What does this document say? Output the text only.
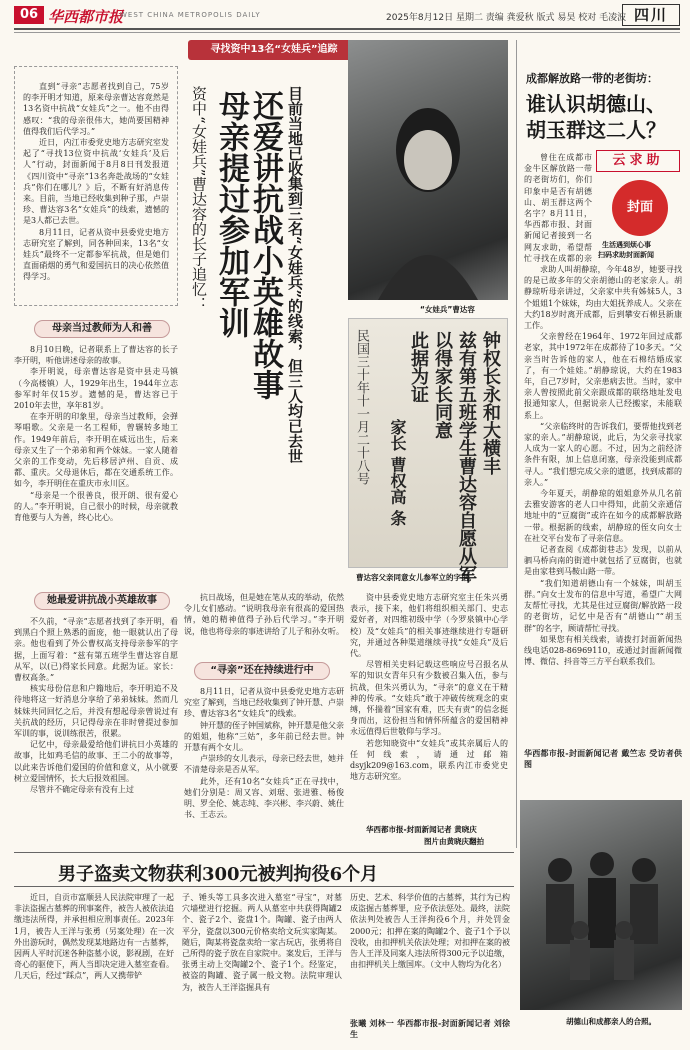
06 华西都市报
WEST CHINA METROPOLIS DAILY	2025年8月12日 星期二 责编 龚爱秋 版式 易昊 校对 毛凌波 四川
寻找资中13名“女娃兵”追踪

直到“寻亲”志愿者找到自己，75岁的李开明才知道，原来母亲曹达容竟然是13名资中抗战“女娃兵”之一。他不由得感叹：“我的母亲很伟大，她尚要国精神值得我们后代学习。”

近日，内江市委党史地方志研究室发起了“寻找13位资中抗战‘女娃兵’及后人”行动，封面新闻于8月8日刊发报道《四川资中“寻亲”13名奔赴战场的“女娃兵”你们在哪儿？》后，不断有好消息传来。目前，当地已经收集到种子那，卢崇珍、曹达容3名“女娃兵”的线索，遗憾的是3人都已去世。

8月11日，记者从资中县委党史地方志研究室了解到，同各种回来，13名“女娃兵”最终不一定都参军抗战，但是她们直面硝烟的勇气和爱国抗日的决心依然值得学习。	目前当地已收集到三名“女娃兵”的线索，但三人均已去世
还爱讲抗战小英雄故事
母亲提过参加军训
资中“女娃兵”曹达容的长子追忆：	“女娃兵”曹达容
钟权长永和大横丰
兹有第五班学生曹达容自愿从军
以得家长同意
此据为证
家长 曹权高 条
民国三十年十一月二十八号
曹达容父亲同意女儿参军立的字据。
母亲当过教师为人和善

8月10日晚，记者联系上了曹达容的长子李开明，听他讲述母亲的故事。

李开明说，母亲曹达容是资中县走马镇（今高楼镇）人，1929年出生，1944年立志参军时年仅15岁。遗憾的是，曹达容已于2010年去世，享年81岁。

在李开明的印象里，母亲当过教师，会弹琴唱歌。父亲是一名工程师，曾辗转多地工作。1949年前后，李开明在威远出生，后来母亲又生了一个弟弟和两个妹妹。一家人随着父亲的工作变动，先后移居泸州、自贡、成都、重庆。父母退休后，都在交通系统工作。如今，李开明住在重庆市永川区。

“母亲是一个很善良，很开朗、很有爱心的人。”李开明说，自己很小的时候，母亲就教育他要与人为善，终心比心。

她最爱讲抗战小英雄故事

不久前，“寻亲”志愿者找到了李开明，看到黑白个照上熟悉的面庞，他一眼就认出了母亲。他也看到了外公曹权高支持母亲参军的字据，上面写着：“兹有第五班学生曹达容自愿从军，以(已)得家长同意。此据为证。家长：曹权高条。”

核实母份信息和户籍地后，李开明追不及待地将这一好消息分享给了弟弟妹妹。然而几妹妹共同回忆之后，并没有想起母亲曾说过有关抗战的经历，只记得母亲在非时曾提过参加军训的事，说训练很苦，很累。

记忆中，母亲最爱给他们讲抗日小英雄的故事，比如鸡毛信的故事、王二小的故事等，以此来告诉他们爱国的价值和意义，从小就要树立爱国情怀，长大后报效祖国。

尽管并不确定母亲有没有上过

抗日战场，但是她在笔从戎的举动，依然令儿女们感动。“说明我母亲有很高的爱国热情，她的精神值得子孙后代学习。”李开明说，他也将母亲的事迹讲给了儿子和孙女听。

“寻亲”还在持续进行中

8月11日，记者从资中县委党史地方志研究室了解到，当地已经收集到了钟开慧、卢崇珍、曹达容3名“女娃兵”的线索。

钟开慧的侄子钟国斌称，钟开慧是他父亲的姐姐，他称“三姑”，多年前已经去世。钟开慧有两个女儿。

卢崇珍的女儿表示，母亲已经去世，她并不清楚母亲是否从军。

此外，还有10名“女娃兵”正在寻找中，她们分别是：周又容、刘琚、张进雅、杨俊明、罗全伦、姚志纯、李兴彬、李兴蔚、姚仕书、王志云。

资中县委党史地方志研究室主任朱兴勇表示，接下来，他们将组织相关部门、史志爱好者，对四维初级中学（今罗泉镇中心学校）及“女娃兵”的相关事迹继续进行专题研究，并通过各种渠道继续寻找“女娃兵”及后代。

尽管相关史料记载这些响应号召报名从军的知识女青年只有少数被召集入伍，参与抗战，但朱兴勇认为，“寻亲”的意义在于精神的传承。“女娃兵”敢于冲破传统观念的束缚，怀揣着“国家有难，匹夫有责”的信念挺身而出，这份担当和情怀所蕴含的爱国精神永远值得后世敬仰与学习。

若您知晓资中“女娃兵”或其亲属后人的任何线索，请通过邮箱dsyjk209@163.com，联系内江市委党史地方志研究室。

华西都市报-封面新闻记者 黄晓庆
图片由黄晓庆翻拍
成都解放路一带的老街坊：
谁认识胡德山、
胡玉群这二人？
云求助
封面
生活遇到烦心事
扫码求助封面新闻

曾住在成都市金牛区解放路一带的老街坊们，你们印象中是否有胡德山、胡玉群这两个名字？8月11日，华西都市报、封面新闻记者接到一名网友求助，希望帮忙寻找在成都的亲

求助人叫胡静琼，今年48岁，她要寻找的是已故多年的父亲胡德山的老家亲人。胡静琼听母亲讲过，父亲家中共有姊妹5人，3个姐姐1个妹妹，均由大姐抚养成人。父亲在大约18岁时离开成都，后到攀安石棉县新康工作。

父亲曾经在1964年、1972年回过成都老家，其中1972年在成都待了10多天。“父亲当时告诉他的家人，他在石棉结婚成家了，有一个娃娃。”胡静琼说，大约在1983年，自己7岁时，父亲患病去世。当时，家中亲人曾按照此前父亲跟成都的联络地址发电报通知家人，但据说亲人已经搬家，未能联系上。

“父亲临终时的告诉我们，要帮他找到老家的亲人。”胡静琼说，此后，为父亲寻找家人成为一家人的心愿。不过，因为之前经济条件有限，加上信息闭塞，母亲没能到成都寻人。“我们想完成父亲的遗愿，找到成都的亲人。”

今年夏天，胡静琼的姐姐意外从几名前去雅安游客的老人口中得知，此前父亲通信地址中的“豆腐街”或许在如今的成都解放路一带。根据新的线索，胡静琼的侄女向女士在社交平台发布了寻亲信息。

记者查阅《成都街巷志》发现，以前从驷马桥向南的街道中就包括了豆腐街，也就是由家巷到马鞍山路一带。

“我们知道胡德山有一个妹妹，叫胡玉群。”向女士发布的信息中写道，希望广大网友帮忙寻找，尤其是住过豆腐街/解放路一段的老街坊，记忆中是否有“胡德山”“胡玉群”的名字，顾请帮忙寻找。

如果您有相关线索，请拨打封面新闻热线电话028-86969110，或通过封面新闻微博、微信、抖音等三方平台联系我们。

华西都市报-封面新闻记者 戴竺志 受访者供图
胡德山和成都亲人的合照。
男子盗卖文物获利300元被判拘役6个月
近日，自贡市富顺县人民法院审理了一起非法盗掘古墓葬的刑事案件，被告人被依法追缴违法所得，并承担相应刑事责任。2023年1月，被告人王洋与张勇（另案处理）在一次外出游玩时，偶然发现某地路边有一古墓葬，因两人平时沉迷各种盗墓小说，影视剧，在好奇心的驱使下，两人当即决定进入墓室查看。几天后，经过“踩点”，两人又携带铲
子、锤头等工具多次进入墓室“寻宝”，对墓穴墙壁进行挖掘。两人从墓室中共获得陶罐2个、瓷子2个、瓷盘1个。陶罐、瓷子由两人平分，瓷盘以300元价格卖给文玩实家陶某。随后，陶某将瓷盘卖给一家古玩店，张勇将自己所得的瓷子放在自家院中。案发后，王洋与张勇主动上交陶罐2个、瓷子1个。经鉴定，被盗的陶罐、瓷子属一般文物。法院审理认为，被告人王洋盗掘具有
历史、艺术、科学价值的古墓葬，其行为已构成盗掘古墓葬罪，应予依法惩处。最终，法院依法判处被告人王洋拘役6个月，并处罚金2000元；扣押在案的陶罐2个、瓷子1个予以没收，由扣押机关依法处理；对扣押在案的被告人王洋及同案人违法所得300元予以追缴，由扣押机关上缴国库。（文中人物均为化名）
张曦 刘林一 华西都市报-封面新闻记者 刘徐生
